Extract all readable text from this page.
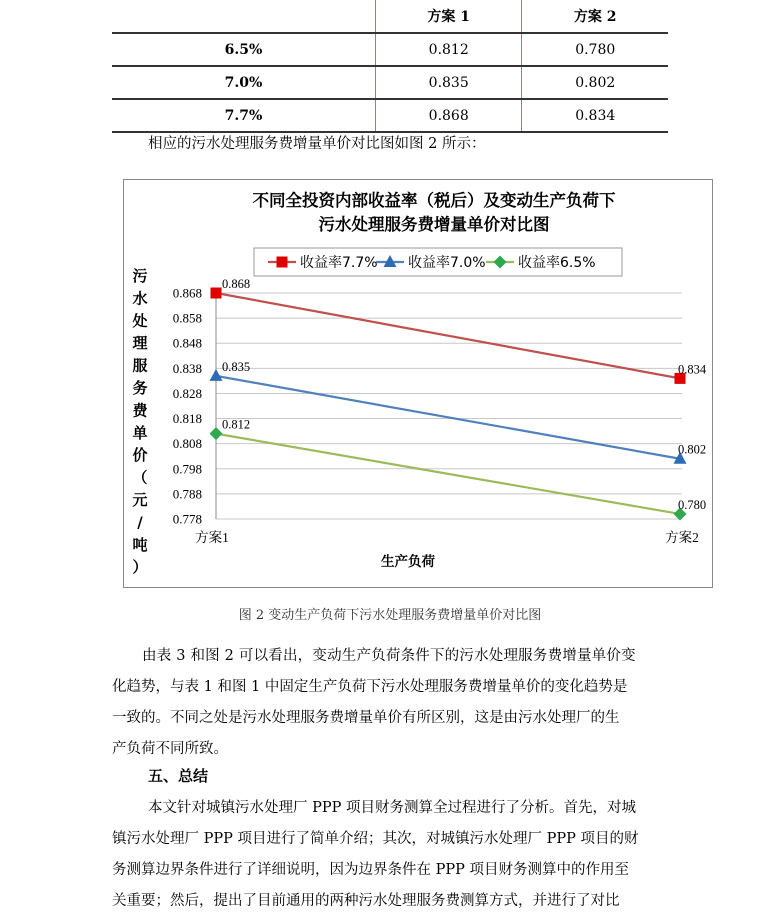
	方案 1	方案 2
6.5%	0.812	0.780
7.0%	0.835	0.802
7.7%	0.868	0.834
相应的污水处理服务费增量单价对比图如图 2 所示：
不同全投资内部收益率（税后）及变动生产负荷下
污水处理服务费增量单价对比图
收益率7.7% 收益率7.0% 收益率6.5%
0.778
0.788
0.798
0.808
0.818
0.828
0.838
0.848
0.858
0.868
污
水
处
理
服
务
费
单
价
（
元
/
吨
）
方案1	方案2
生产负荷
0.868
0.834
0.835
0.802
0.812
0.780
图 2 变动生产负荷下污水处理服务费增量单价对比图
由表 3 和图 2 可以看出，变动生产负荷条件下的污水处理服务费增量单价变
化趋势，与表 1 和图 1 中固定生产负荷下污水处理服务费增量单价的变化趋势是
一致的。不同之处是污水处理服务费增量单价有所区别，这是由污水处理厂的生
产负荷不同所致。
五、总结
本文针对城镇污水处理厂 PPP 项目财务测算全过程进行了分析。首先，对城
镇污水处理厂 PPP 项目进行了简单介绍；其次，对城镇污水处理厂 PPP 项目的财
务测算边界条件进行了详细说明，因为边界条件在 PPP 项目财务测算中的作用至
关重要；然后，提出了目前通用的两种污水处理服务费测算方式，并进行了对比
